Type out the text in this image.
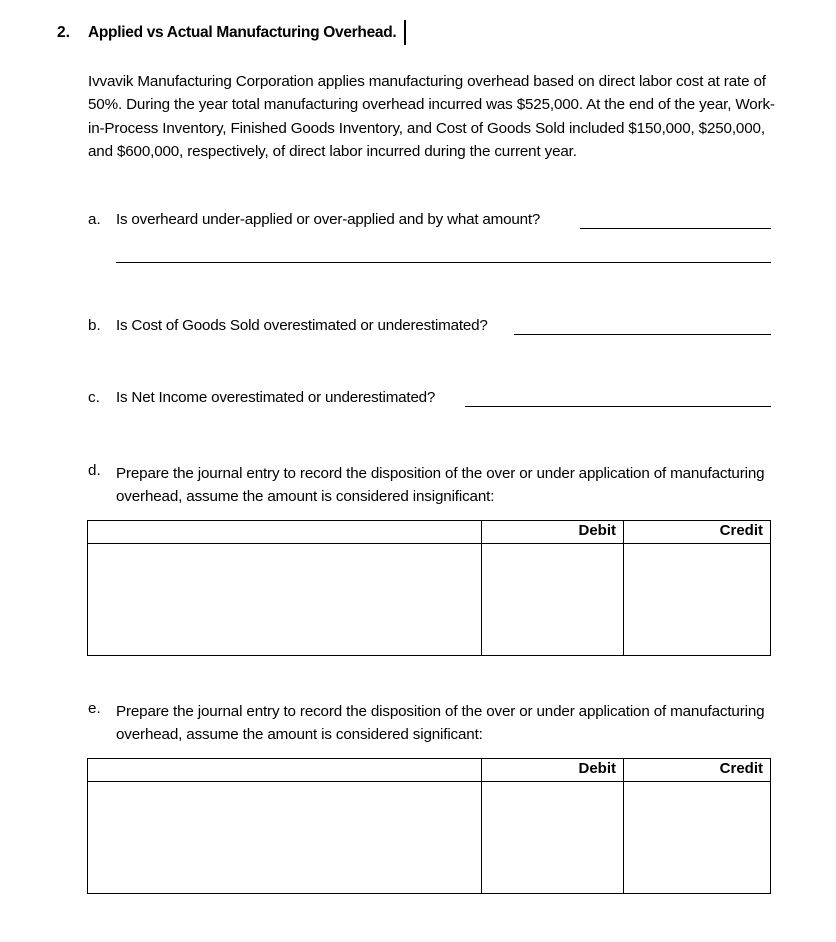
2. Applied vs Actual Manufacturing Overhead.
Ivvavik Manufacturing Corporation applies manufacturing overhead based on direct labor cost at rate of 50%. During the year total manufacturing overhead incurred was $525,000. At the end of the year, Work-in-Process Inventory, Finished Goods Inventory, and Cost of Goods Sold included $150,000, $250,000, and $600,000, respectively, of direct labor incurred during the current year.
a. Is overheard under-applied or over-applied and by what amount?
b. Is Cost of Goods Sold overestimated or underestimated?
c. Is Net Income overestimated or underestimated?
d. Prepare the journal entry to record the disposition of the over or under application of manufacturing overhead, assume the amount is considered insignificant:
	Debit	Credit

e. Prepare the journal entry to record the disposition of the over or under application of manufacturing overhead, assume the amount is considered significant:
	Debit	Credit
